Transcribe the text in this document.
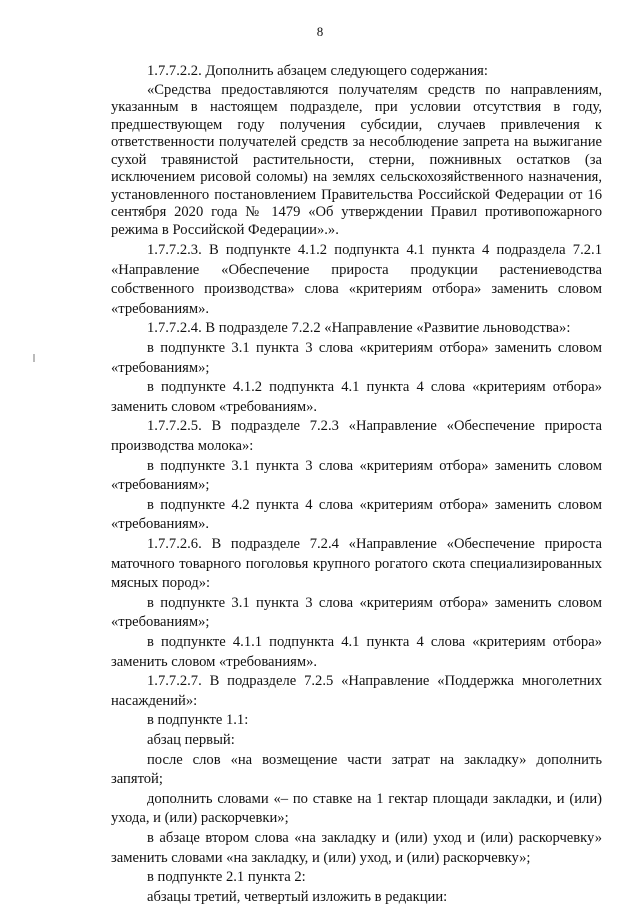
8

1.7.7.2.2. Дополнить абзацем следующего содержания:

«Средства предоставляются получателям средств по направлениям, указанным в настоящем подразделе, при условии отсутствия в году, предшествующем году получения субсидии, случаев привлечения к ответственности получателей средств за несоблюдение запрета на выжигание сухой травянистой растительности, стерни, пожнивных остатков (за исключением рисовой соломы) на землях сельскохозяйственного назначения, установленного постановлением Правительства Российской Федерации от 16 сентября 2020 года № 1479 «Об утверждении Правил противопожарного режима в Российской Федерации».».

1.7.7.2.3. В подпункте 4.1.2 подпункта 4.1 пункта 4 подраздела 7.2.1 «Направление «Обеспечение прироста продукции растениеводства собственного производства» слова «критериям отбора» заменить словом «требованиям».

1.7.7.2.4. В подразделе 7.2.2 «Направление «Развитие льноводства»:

в подпункте 3.1 пункта 3 слова «критериям отбора» заменить словом «требованиям»;

в подпункте 4.1.2 подпункта 4.1 пункта 4 слова «критериям отбора» заменить словом «требованиям».

1.7.7.2.5. В подразделе 7.2.3 «Направление «Обеспечение прироста производства молока»:

в подпункте 3.1 пункта 3 слова «критериям отбора» заменить словом «требованиям»;

в подпункте 4.2 пункта 4 слова «критериям отбора» заменить словом «требованиям».

1.7.7.2.6. В подразделе 7.2.4 «Направление «Обеспечение прироста маточного товарного поголовья крупного рогатого скота специализированных мясных пород»:

в подпункте 3.1 пункта 3 слова «критериям отбора» заменить словом «требованиям»;

в подпункте 4.1.1 подпункта 4.1 пункта 4 слова «критериям отбора» заменить словом «требованиям».

1.7.7.2.7. В подразделе 7.2.5 «Направление «Поддержка многолетних насаждений»:

в подпункте 1.1:

абзац первый:

после слов «на возмещение части затрат на закладку» дополнить запятой;

дополнить словами «– по ставке на 1 гектар площади закладки, и (или) ухода, и (или) раскорчевки»;

в абзаце втором слова «на закладку и (или) уход и (или) раскорчевку» заменить словами «на закладку, и (или) уход, и (или) раскорчевку»;

в подпункте 2.1 пункта 2:

абзацы третий, четвертый изложить в редакции:
